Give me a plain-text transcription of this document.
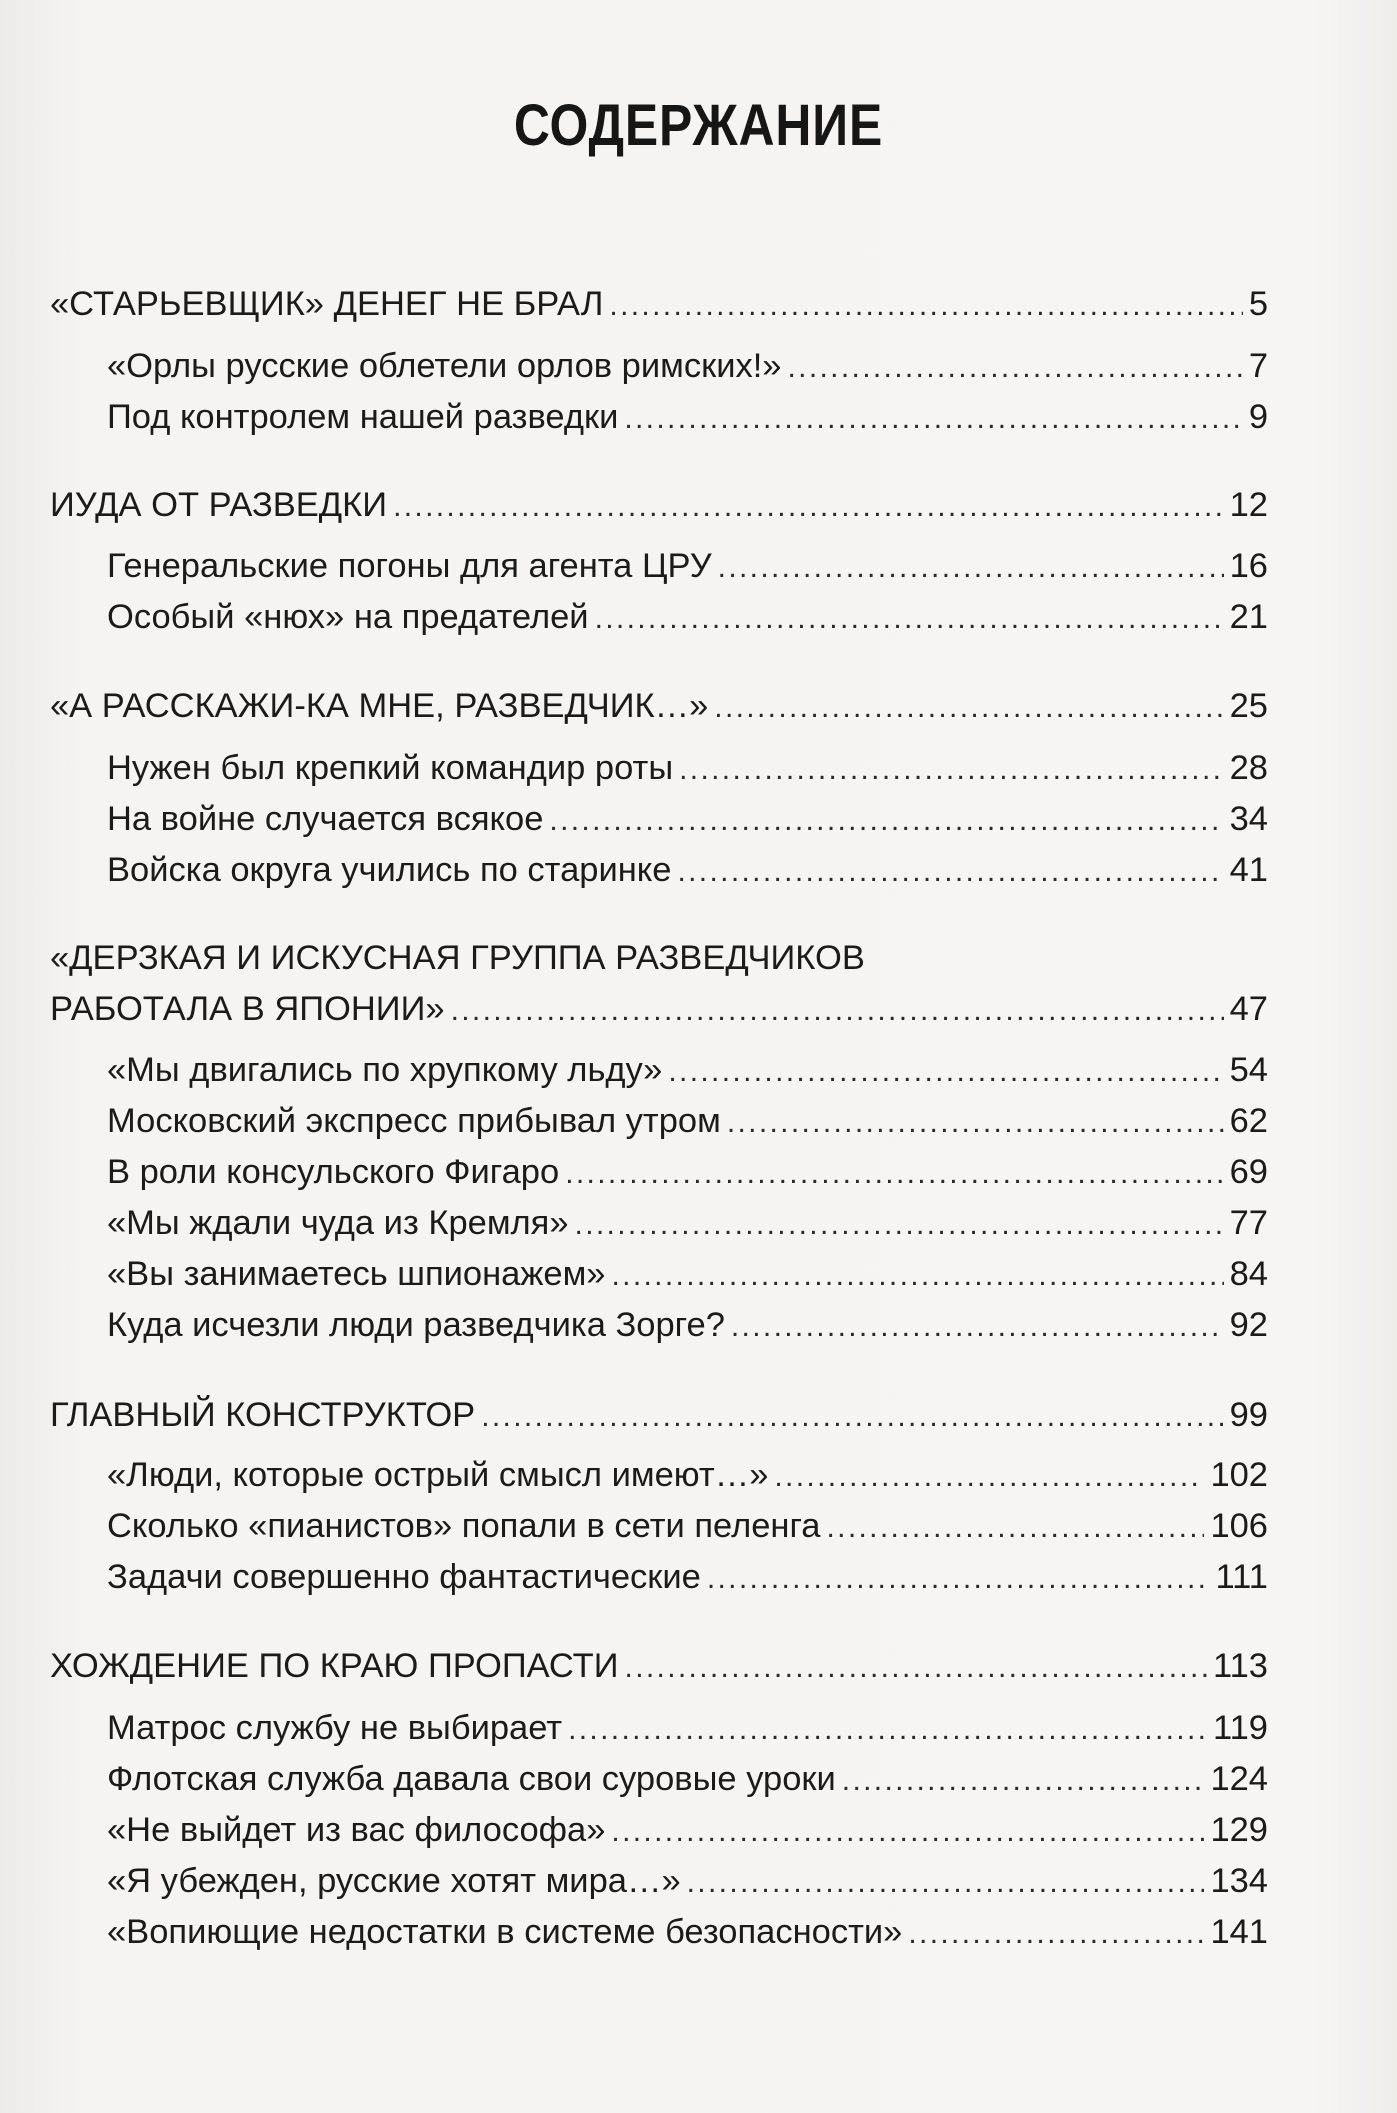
СОДЕРЖАНИЕ
«СТАРЬЕВЩИК» ДЕНЕГ НЕ БРАЛ . . .	5
«Орлы русские облетели орлов римских!» . . .	7
Под контролем нашей разведки . . .	9
ИУДА ОТ РАЗВЕДКИ . . .	12
Генеральские погоны для агента ЦРУ . . .	16
Особый «нюх» на предателей . . .	21
«А РАССКАЖИ-КА МНЕ, РАЗВЕДЧИК…» . . .	25
Нужен был крепкий командир роты . . .	28
На войне случается всякое . . .	34
Войска округа учились по старинке . . .	41
«ДЕРЗКАЯ И ИСКУСНАЯ ГРУППА РАЗВЕДЧИКОВ
РАБОТАЛА В ЯПОНИИ» . . .	47
«Мы двигались по хрупкому льду» . . .	54
Московский экспресс прибывал утром . . .	62
В роли консульского Фигаро . . .	69
«Мы ждали чуда из Кремля» . . .	77
«Вы занимаетесь шпионажем» . . .	84
Куда исчезли люди разведчика Зорге? . . .	92
ГЛАВНЫЙ КОНСТРУКТОР . . .	99
«Люди, которые острый смысл имеют…» . . .	102
Сколько «пианистов» попали в сети пеленга . . .	106
Задачи совершенно фантастические . . .	111
ХОЖДЕНИЕ ПО КРАЮ ПРОПАСТИ . . .	113
Матрос службу не выбирает . . .	119
Флотская служба давала свои суровые уроки . . .	124
«Не выйдет из вас философа» . . .	129
«Я убежден, русские хотят мира…» . . .	134
«Вопиющие недостатки в системе безопасности» . . .	141
